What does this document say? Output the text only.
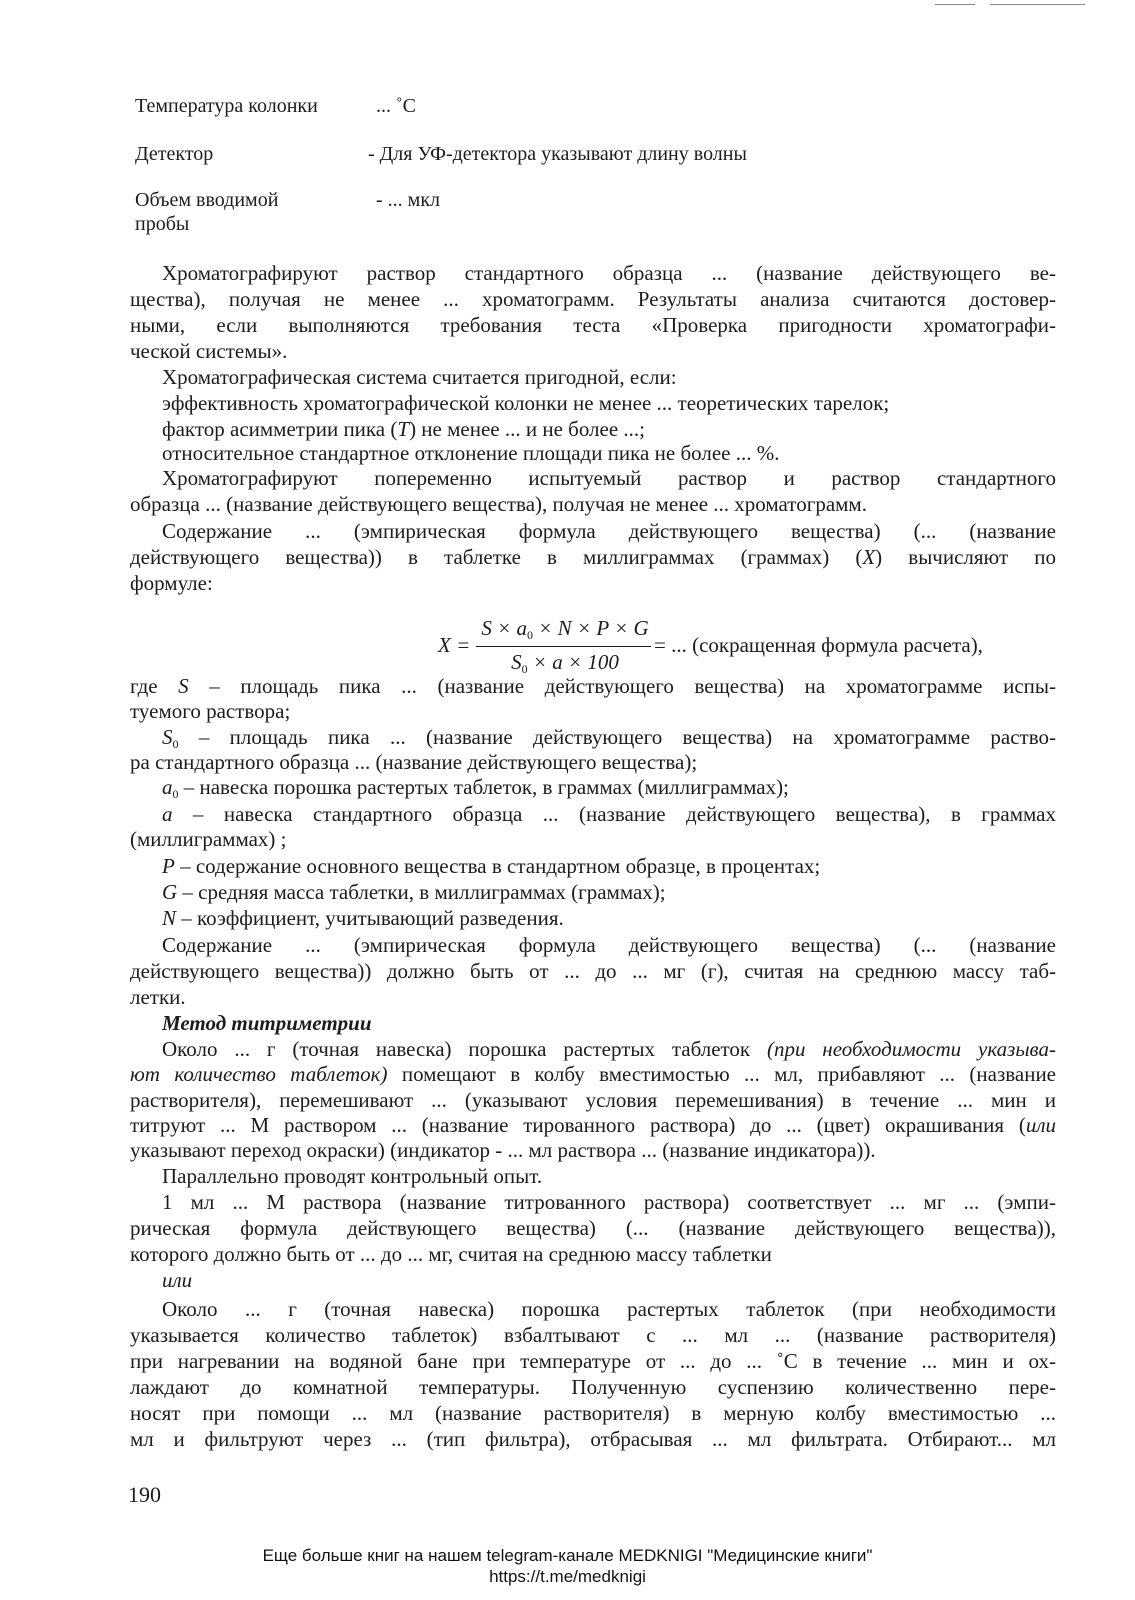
Температура колонки	... ˚С
Детектор	- Для УФ-детектора указывают длину волны
Объем вводимой
пробы
- ... мкл
Хроматографируют раствор стандартного образца ... (название действующего ве-
щества), получая не менее ... хроматограмм. Результаты анализа считаются достовер-
ными, если выполняются требования теста «Проверка пригодности хроматографи-
ческой системы».
Хроматографическая система считается пригодной, если:
эффективность хроматографической колонки не менее ... теоретических тарелок;
фактор асимметрии пика (Т) не менее ... и не более ...;
относительное стандартное отклонение площади пика не более ... %.
Хроматографируют попеременно испытуемый раствор и раствор стандартного
образца ... (название действующего вещества), получая не менее ... хроматограмм.
Содержание ... (эмпирическая формула действующего вещества) (... (название
действующего вещества)) в таблетке в миллиграммах (граммах) (X) вычисляют по
формуле:
X =
$S \times a_0 \times N \times P \times G$
$S_0 \times a \times 100$
= ... (сокращенная формула расчета),
где S – площадь пика ... (название действующего вещества) на хроматограмме испы-
туемого раствора;
$S_0$ – площадь пика ... (название действующего вещества) на хроматограмме раство-
ра стандартного образца ... (название действующего вещества);
$a_0$ – навеска порошка растертых таблеток, в граммах (миллиграммах);
a – навеска стандартного образца ... (название действующего вещества), в граммах
(миллиграммах) ;
P – содержание основного вещества в стандартном образце, в процентах;
G – средняя масса таблетки, в миллиграммах (граммах);
N – коэффициент, учитывающий разведения.
Содержание ... (эмпирическая формула действующего вещества) (... (название
действующего вещества)) должно быть от ... до ... мг (г), считая на среднюю массу таб-
летки.
Метод титриметрии
Около ... г (точная навеска) порошка растертых таблеток (при необходимости указыва-
ют количество таблеток) помещают в колбу вместимостью ... мл, прибавляют ... (название
растворителя), перемешивают ... (указывают условия перемешивания) в течение ... мин и
титруют ... М раствором ... (название тированного раствора) до ... (цвет) окрашивания (или
указывают переход окраски) (индикатор - ... мл раствора ... (название индикатора)).
Параллельно проводят контрольный опыт.
1 мл ... М раствора (название титрованного раствора) соответствует ... мг ... (эмпи-
рическая формула действующего вещества) (... (название действующего вещества)),
которого должно быть от ... до ... мг, считая на среднюю массу таблетки
или
Около ... г (точная навеска) порошка растертых таблеток (при необходимости
указывается количество таблеток) взбалтывают с ... мл ... (название растворителя)
при нагревании на водяной бане при температуре от ... до ... ˚С в течение ... мин и ох-
лаждают до комнатной температуры. Полученную суспензию количественно пере-
носят при помощи ... мл (название растворителя) в мерную колбу вместимостью ...
мл и фильтруют через ... (тип фильтра), отбрасывая ... мл фильтрата. Отбирают... мл
190
Еще больше книг на нашем telegram-канале MEDKNIGI "Медицинские книги"
https://t.me/medknigi
